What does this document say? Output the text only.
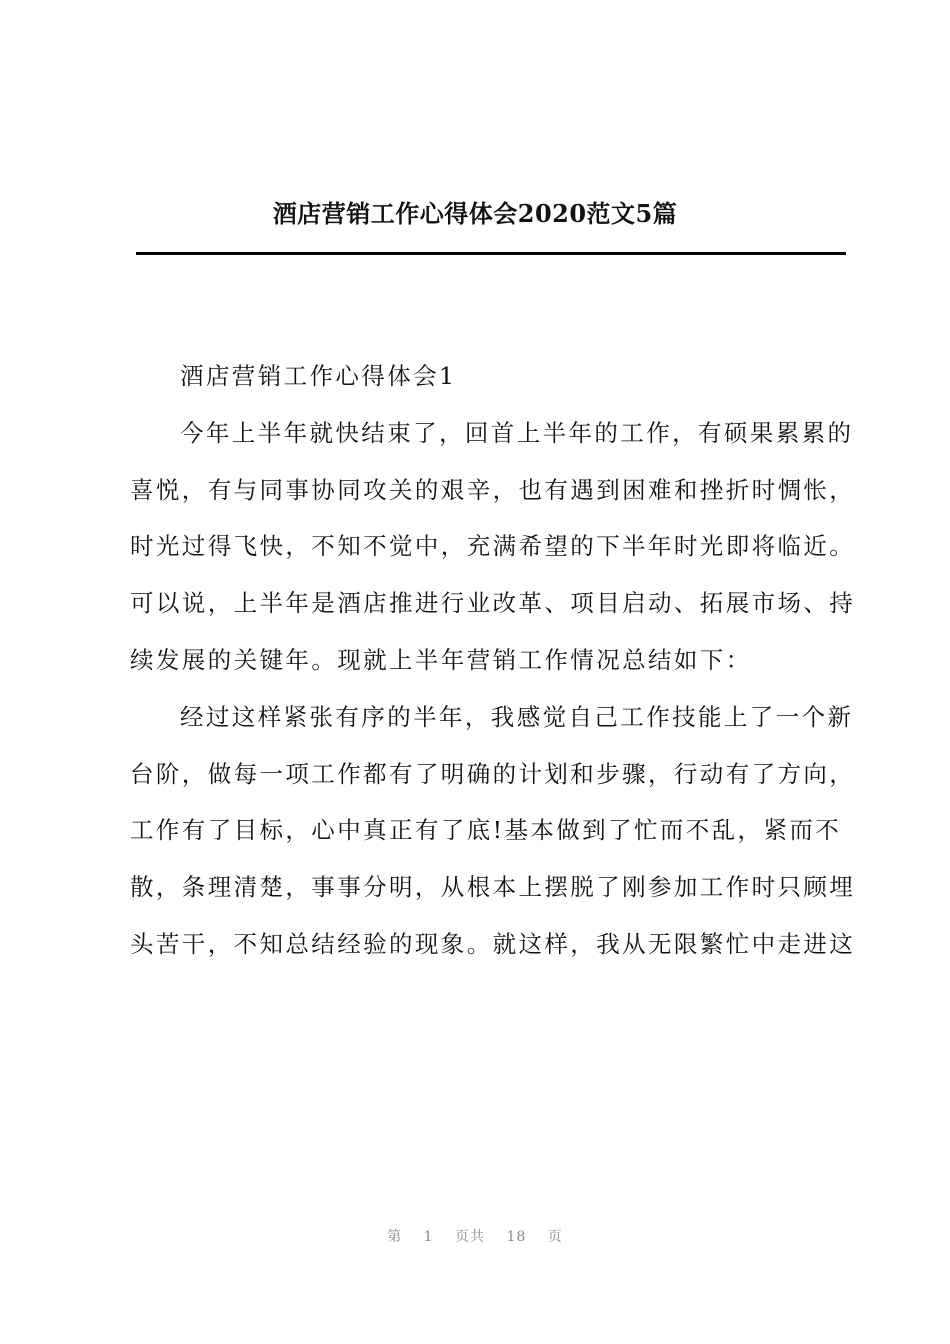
酒店营销工作心得体会2020范文5篇
酒店营销工作心得体会1
今年上半年就快结束了，回首上半年的工作，有硕果累累的
喜悦，有与同事协同攻关的艰辛，也有遇到困难和挫折时惆怅，
时光过得飞快，不知不觉中，充满希望的下半年时光即将临近。
可以说，上半年是酒店推进行业改革、项目启动、拓展市场、持
续发展的关键年。现就上半年营销工作情况总结如下：
经过这样紧张有序的半年，我感觉自己工作技能上了一个新
台阶，做每一项工作都有了明确的计划和步骤，行动有了方向，
工作有了目标，心中真正有了底!基本做到了忙而不乱，紧而不
散，条理清楚，事事分明，从根本上摆脱了刚参加工作时只顾埋
头苦干，不知总结经验的现象。就这样，我从无限繁忙中走进这
第 1 页共 18 页
